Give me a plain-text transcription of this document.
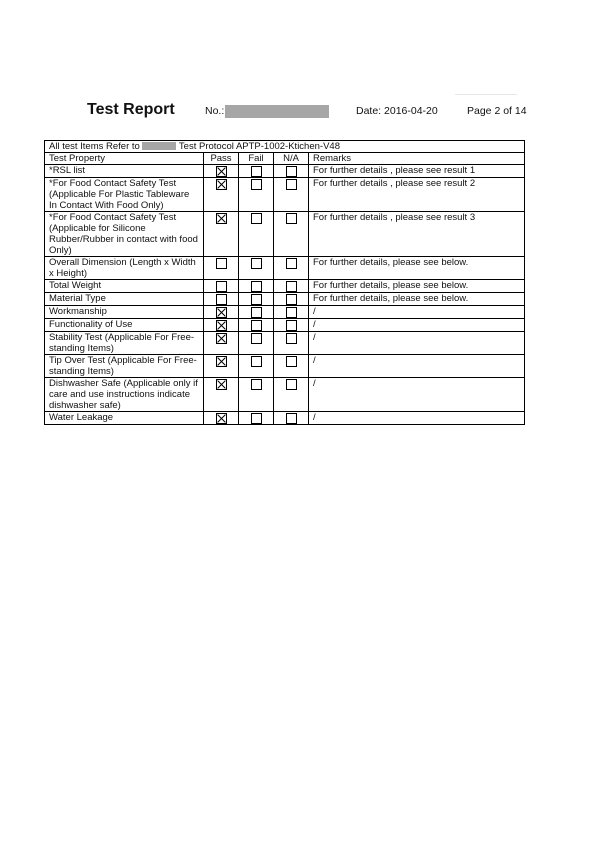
Test Report	No.:	Date: 2016-04-20	Page 2 of 14
All test Items Refer to Test Protocol APTP-1002-Ktichen-V48				
Test Property	Pass	Fail	N/A	Remarks
*RSL list				For further details , please see result 1
*For Food Contact Safety Test (Applicable For Plastic Tableware In Contact With Food Only)				For further details , please see result 2
*For Food Contact Safety Test (Applicable for Silicone Rubber/Rubber in contact with food Only)				For further details , please see result 3
Overall Dimension (Length x Width x Height)				For further details, please see below.
Total Weight				For further details, please see below.
Material Type				For further details, please see below.
Workmanship				/
Functionality of Use				/
Stability Test (Applicable For Free-standing Items)				/
Tip Over Test (Applicable For Free-standing Items)				/
Dishwasher Safe (Applicable only if care and use instructions indicate dishwasher safe)				/
Water Leakage				/
